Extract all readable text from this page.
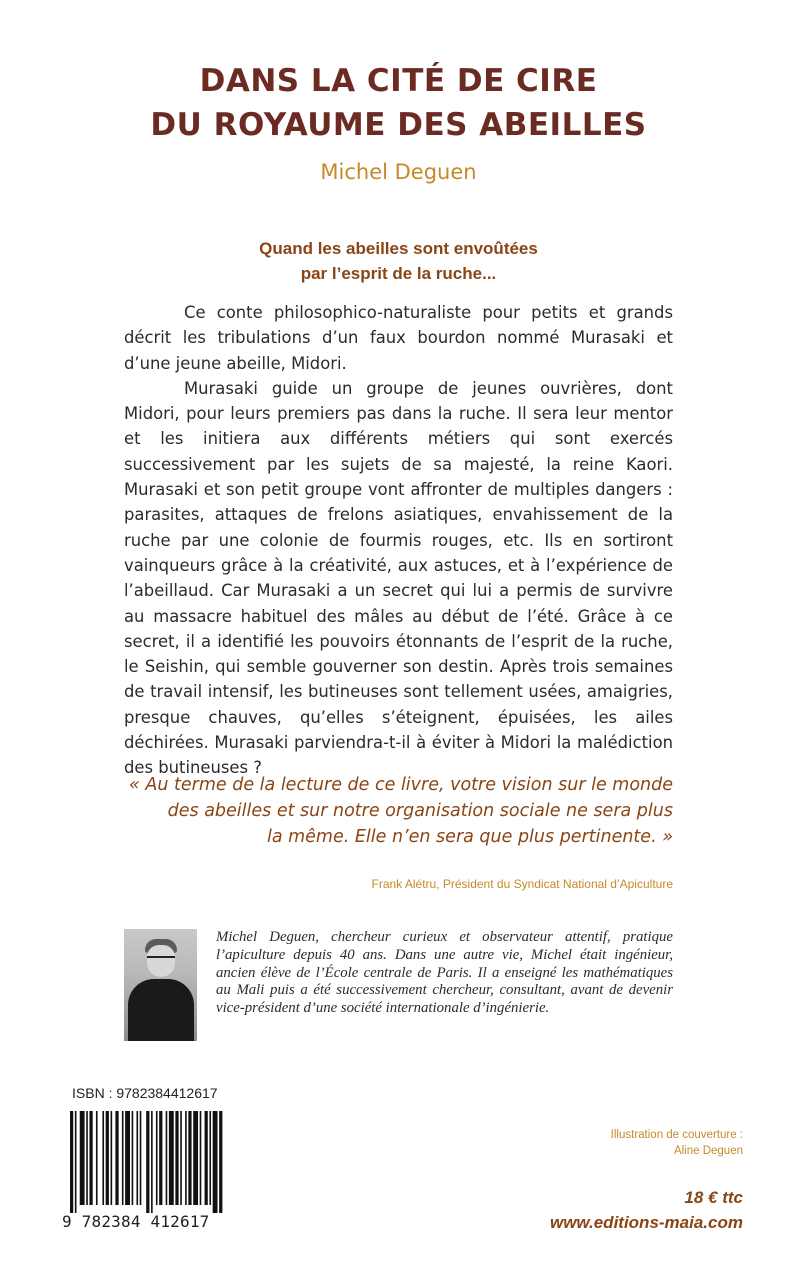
DANS LA CITÉ DE CIRE
DU ROYAUME DES ABEILLES
Michel Deguen
Quand les abeilles sont envoûtées
par l’esprit de la ruche...

Ce conte philosophico-naturaliste pour petits et grands décrit les tribulations d’un faux bourdon nommé Murasaki et d’une jeune abeille, Midori.

Murasaki guide un groupe de jeunes ouvrières, dont Midori, pour leurs premiers pas dans la ruche. Il sera leur mentor et les initiera aux différents métiers qui sont exercés successivement par les sujets de sa majesté, la reine Kaori. Murasaki et son petit groupe vont affronter de multiples dangers : parasites, attaques de frelons asiatiques, envahissement de la ruche par une colonie de fourmis rouges, etc. Ils en sortiront vainqueurs grâce à la créativité, aux astuces, et à l’expérience de l’abeillaud. Car Murasaki a un secret qui lui a permis de survivre au massacre habituel des mâles au début de l’été. Grâce à ce secret, il a identifié les pouvoirs étonnants de l’esprit de la ruche, le Seishin, qui semble gouverner son destin. Après trois semaines de travail intensif, les butineuses sont tellement usées, amaigries, presque chauves, qu’elles s’éteignent, épuisées, les ailes déchirées. Murasaki parviendra-t-il à éviter à Midori la malédiction des butineuses ?

« Au terme de la lecture de ce livre, votre vision sur le monde
des abeilles et sur notre organisation sociale ne sera plus
la même. Elle n’en sera que plus pertinente. »
Frank Alétru, Président du Syndicat National d’Apiculture
Michel Deguen, chercheur curieux et observateur attentif, pratique l’apiculture depuis 40 ans. Dans une autre vie, Michel était ingénieur, ancien élève de l’École centrale de Paris. Il a enseigné les mathématiques au Mali puis a été successivement chercheur, consultant, avant de devenir vice-président d’une société internationale d’ingénierie.
ISBN : 9782384412617
9 782384 412617
Illustration de couverture :
Aline Deguen
18 € ttc
www.editions-maia.com
